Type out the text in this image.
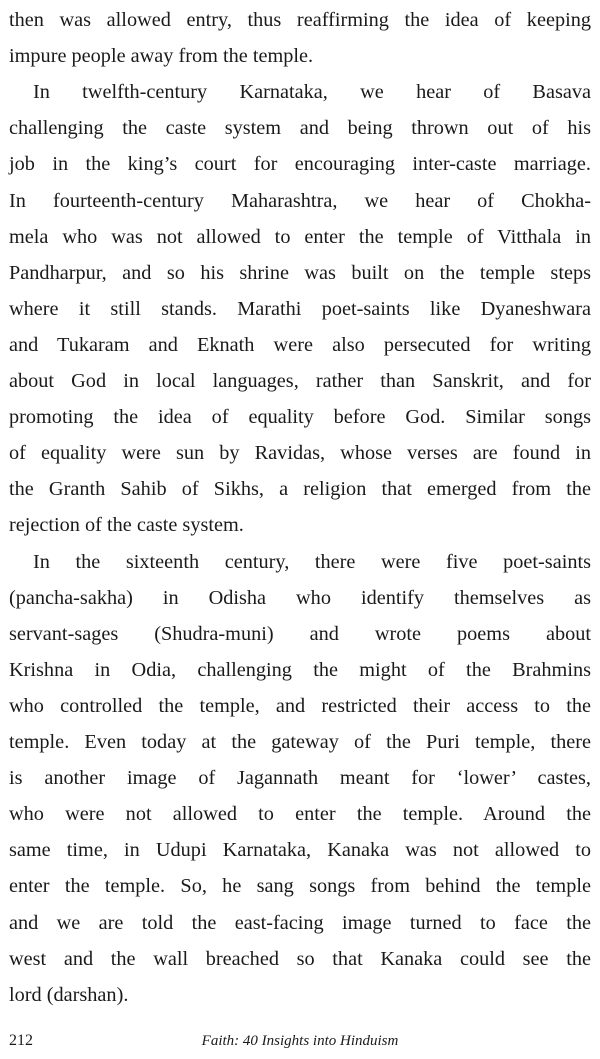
then was allowed entry, thus reaffirming the idea of keeping
impure people away from the temple.
In twelfth-century Karnataka, we hear of Basava
challenging the caste system and being thrown out of his
job in the king’s court for encouraging inter-caste marriage.
In fourteenth-century Maharashtra, we hear of Chokha-
mela who was not allowed to enter the temple of Vitthala in
Pandharpur, and so his shrine was built on the temple steps
where it still stands. Marathi poet-saints like Dyaneshwara
and Tukaram and Eknath were also persecuted for writing
about God in local languages, rather than Sanskrit, and for
promoting the idea of equality before God. Similar songs
of equality were sun by Ravidas, whose verses are found in
the Granth Sahib of Sikhs, a religion that emerged from the
rejection of the caste system.
In the sixteenth century, there were five poet-saints
(pancha-sakha) in Odisha who identify themselves as
servant-sages (Shudra-muni) and wrote poems about
Krishna in Odia, challenging the might of the Brahmins
who controlled the temple, and restricted their access to the
temple. Even today at the gateway of the Puri temple, there
is another image of Jagannath meant for ‘lower’ castes,
who were not allowed to enter the temple. Around the
same time, in Udupi Karnataka, Kanaka was not allowed to
enter the temple. So, he sang songs from behind the temple
and we are told the east-facing image turned to face the
west and the wall breached so that Kanaka could see the
lord (darshan).
212	Faith: 40 Insights into Hinduism
